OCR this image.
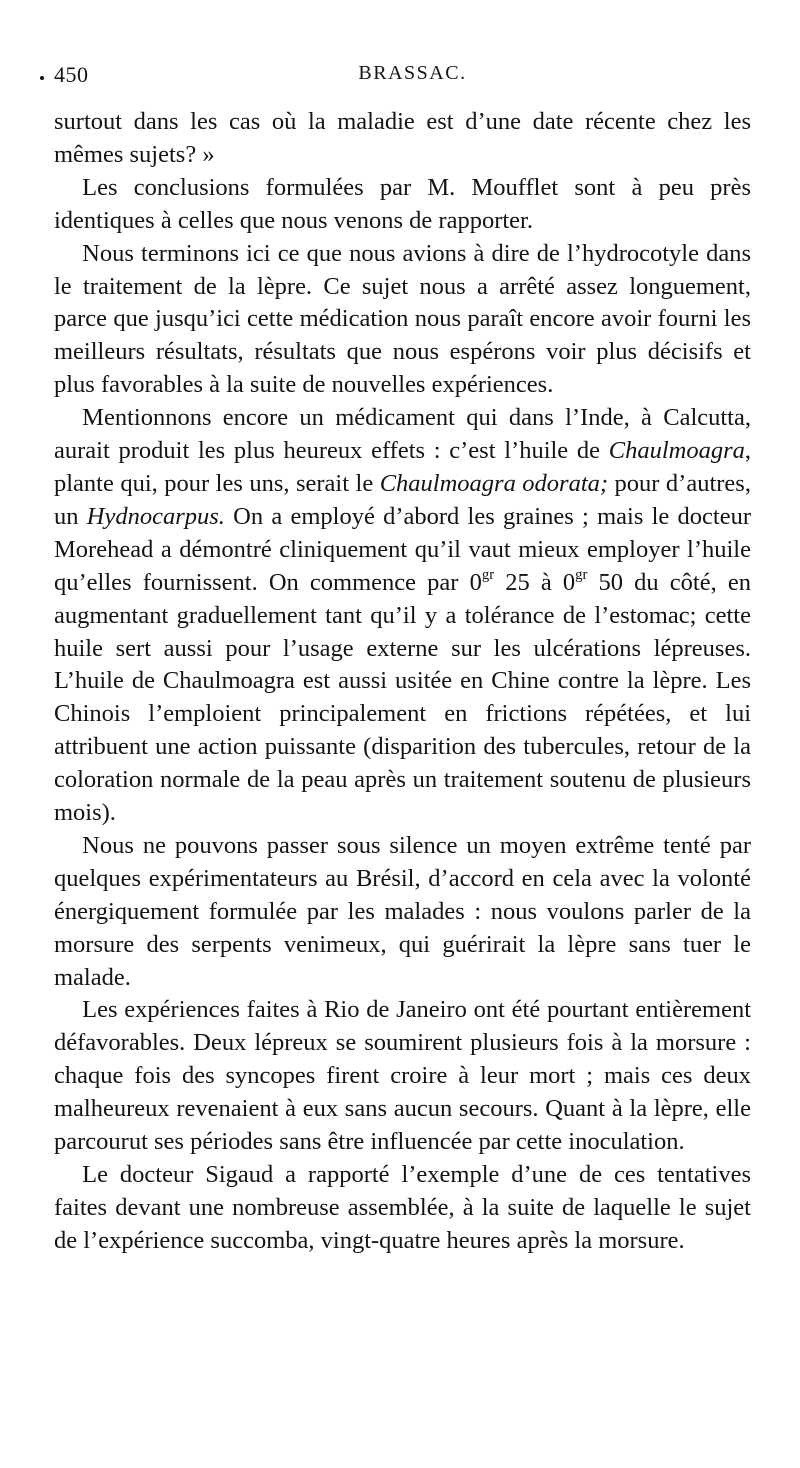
450	BRASSAC.

surtout dans les cas où la maladie est d’une date récente chez les mêmes sujets? »

Les conclusions formulées par M. Moufflet sont à peu près identiques à celles que nous venons de rapporter.

Nous terminons ici ce que nous avions à dire de l’hydrocotyle dans le traitement de la lèpre. Ce sujet nous a arrêté assez longuement, parce que jusqu’ici cette médication nous paraît encore avoir fourni les meilleurs résultats, résultats que nous espérons voir plus décisifs et plus favorables à la suite de nouvelles expériences.

Mentionnons encore un médicament qui dans l’Inde, à Calcutta, aurait produit les plus heureux effets : c’est l’huile de Chaulmoagra, plante qui, pour les uns, serait le Chaulmoagra odorata; pour d’autres, un Hydnocarpus. On a employé d’abord les graines ; mais le docteur Morehead a démontré cliniquement qu’il vaut mieux employer l’huile qu’elles fournissent. On commence par $0^{gr}$ 25 à $0^{gr}$ 50 du côté, en augmentant graduellement tant qu’il y a tolérance de l’estomac; cette huile sert aussi pour l’usage externe sur les ulcérations lépreuses. L’huile de Chaulmoagra est aussi usitée en Chine contre la lèpre. Les Chinois l’emploient principalement en frictions répétées, et lui attribuent une action puissante (disparition des tubercules, retour de la coloration normale de la peau après un traitement soutenu de plusieurs mois).

Nous ne pouvons passer sous silence un moyen extrême tenté par quelques expérimentateurs au Brésil, d’accord en cela avec la volonté énergiquement formulée par les malades : nous voulons parler de la morsure des serpents venimeux, qui guérirait la lèpre sans tuer le malade.

Les expériences faites à Rio de Janeiro ont été pourtant entièrement défavorables. Deux lépreux se soumirent plusieurs fois à la morsure : chaque fois des syncopes firent croire à leur mort ; mais ces deux malheureux revenaient à eux sans aucun secours. Quant à la lèpre, elle parcourut ses périodes sans être influencée par cette inoculation.

Le docteur Sigaud a rapporté l’exemple d’une de ces tentatives faites devant une nombreuse assemblée, à la suite de laquelle le sujet de l’expérience succomba, vingt-quatre heures après la morsure.
